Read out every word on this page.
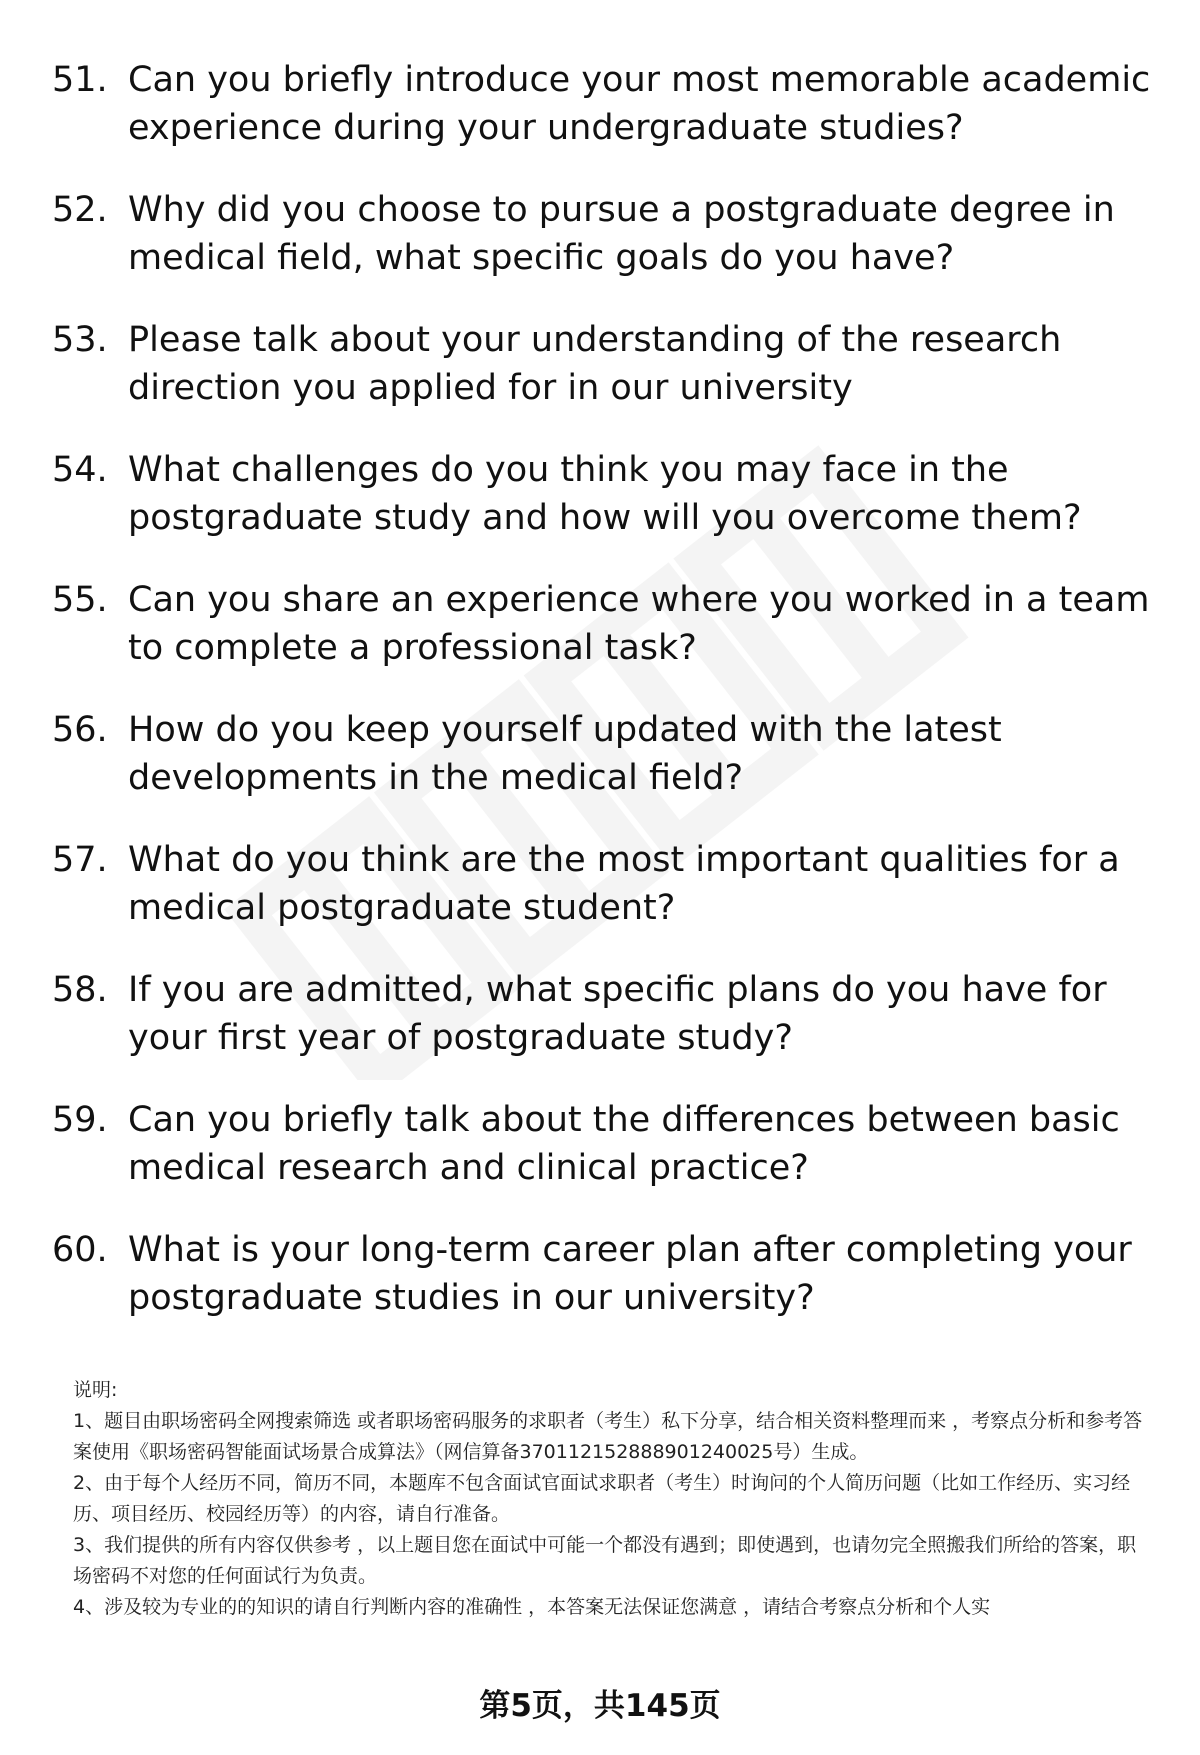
51. Can you briefly introduce your most memorable academic experience during your undergraduate studies?
52. Why did you choose to pursue a postgraduate degree in medical field, what specific goals do you have?
53. Please talk about your understanding of the research direction you applied for in our university
54. What challenges do you think you may face in the postgraduate study and how will you overcome them?
55. Can you share an experience where you worked in a team to complete a professional task?
56. How do you keep yourself updated with the latest developments in the medical field?
57. What do you think are the most important qualities for a medical postgraduate student?
58. If you are admitted, what specific plans do you have for your first year of postgraduate study?
59. Can you briefly talk about the differences between basic medical research and clinical practice?
60. What is your long-term career plan after completing your postgraduate studies in our university?

说明:

1、题目由职场密码全网搜索筛选 或者职场密码服务的求职者（考生）私下分享，结合相关资料整理而来 ，考察点分析和参考答案使用《职场密码智能面试场景合成算法》（网信算备370112152888901240025号）生成。

2、由于每个人经历不同，简历不同，本题库不包含面试官面试求职者（考生）时询问的个人简历问题（比如工作经历、实习经历、项目经历、校园经历等）的内容，请自行准备。

3、我们提供的所有内容仅供参考 ，以上题目您在面试中可能一个都没有遇到；即使遇到，也请勿完全照搬我们所给的答案，职场密码不对您的任何面试行为负责。

4、涉及较为专业的的知识的请自行判断内容的准确性 ，本答案无法保证您满意 ，请结合考察点分析和个人实

第5页，共145页
